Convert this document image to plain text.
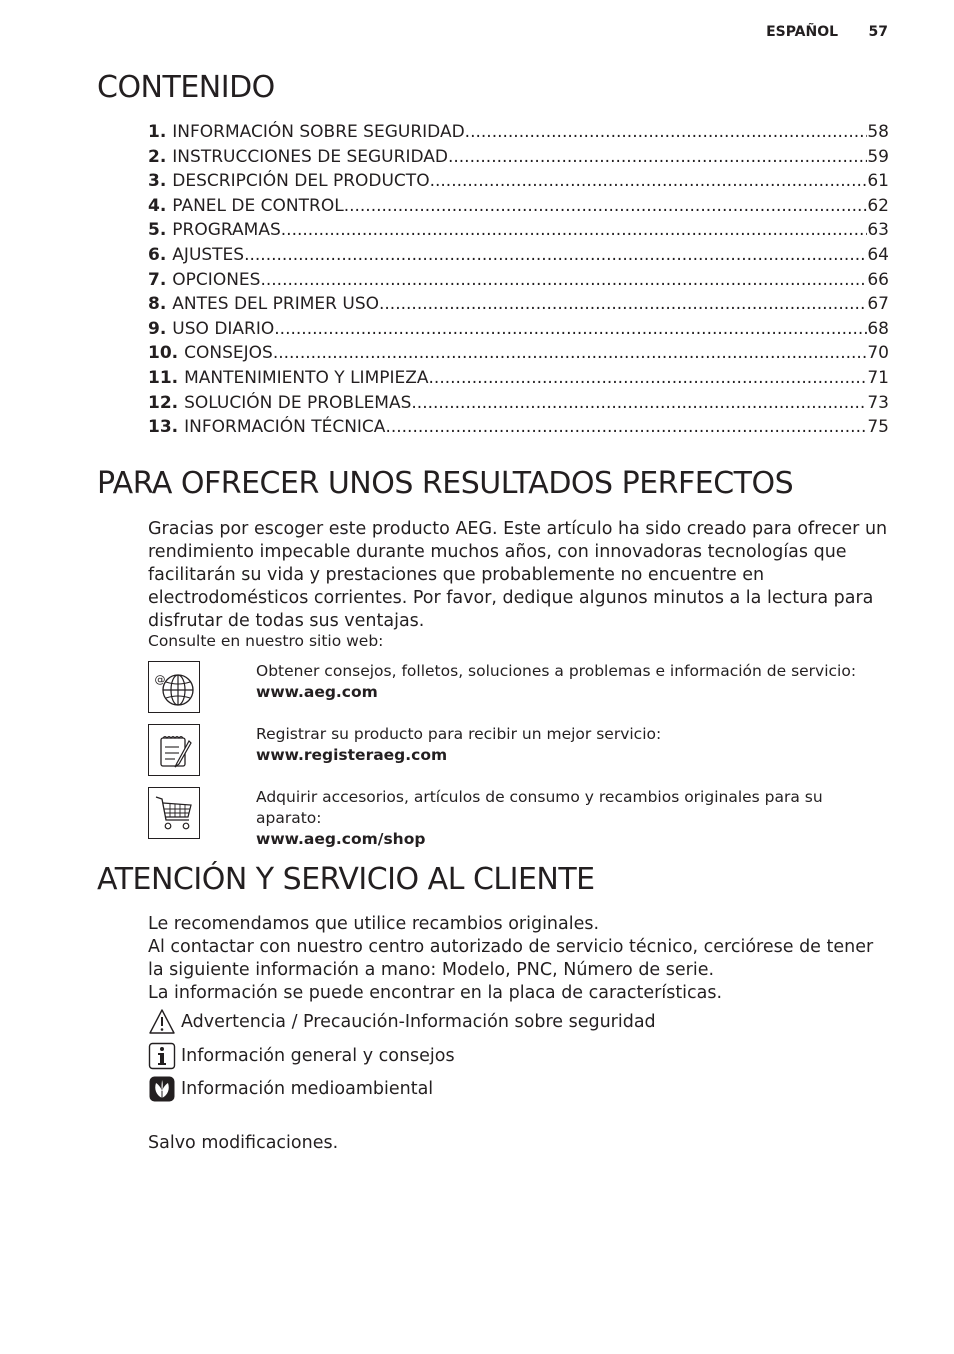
ESPAÑOL 57
CONTENIDO
1. INFORMACIÓN SOBRE SEGURIDAD .....	58
2. INSTRUCCIONES DE SEGURIDAD .....	59
3. DESCRIPCIÓN DEL PRODUCTO .....	61
4. PANEL DE CONTROL .....	62
5. PROGRAMAS .....	63
6. AJUSTES .....	64
7. OPCIONES .....	66
8. ANTES DEL PRIMER USO .....	67
9. USO DIARIO .....	68
10. CONSEJOS .....	70
11. MANTENIMIENTO Y LIMPIEZA .....	71
12. SOLUCIÓN DE PROBLEMAS .....	73
13. INFORMACIÓN TÉCNICA .....	75
PARA OFRECER UNOS RESULTADOS PERFECTOS

Gracias por escoger este producto AEG. Este artículo ha sido creado para ofrecer un rendimiento impecable durante muchos años, con innovadoras tecnologías que facilitarán su vida y prestaciones que probablemente no encuentre en electrodomésticos corrientes. Por favor, dedique algunos minutos a la lectura para disfrutar de todas sus ventajas.

Consulte en nuestro sitio web:
@	Obtener consejos, folletos, soluciones a problemas e información de servicio:
www.aeg.com
Registrar su producto para recibir un mejor servicio:
www.registeraeg.com
Adquirir accesorios, artículos de consumo y recambios originales para su aparato:
www.aeg.com/shop
ATENCIÓN Y SERVICIO AL CLIENTE

Le recomendamos que utilice recambios originales.

Al contactar con nuestro centro autorizado de servicio técnico, cerciórese de tener la siguiente información a mano: Modelo, PNC, Número de serie.

La información se puede encontrar en la placa de características.

Advertencia / Precaución-Información sobre seguridad
Información general y consejos
Información medioambiental
Salvo modificaciones.
